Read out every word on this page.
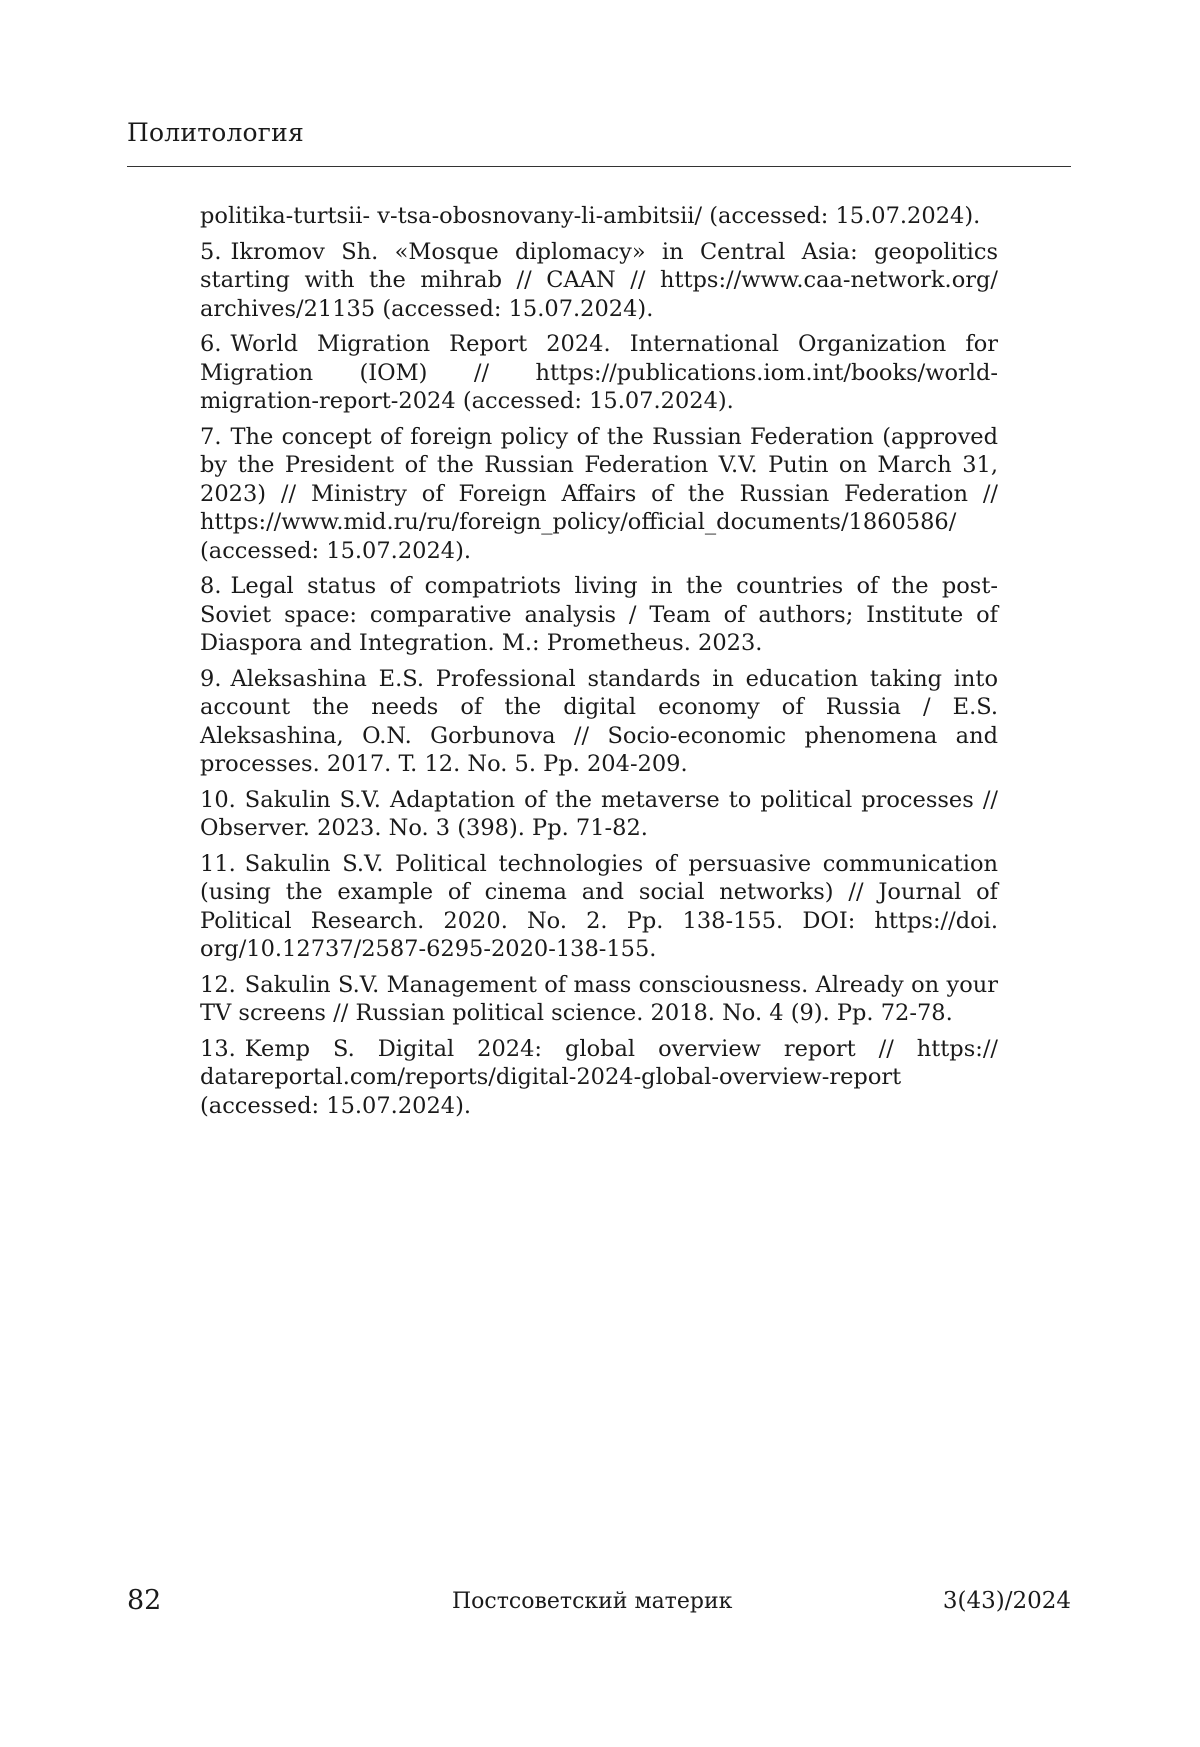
Политология
politika-turtsii- v-tsa-obosnovany-li-ambitsii/ (accessed: 15.07.2024).
5. Ikromov Sh. «Mosque diplomacy» in Central Asia: geopolitics starting with the mihrab // CAAN // https://www.caa-network.org/ archives/21135 (accessed: 15.07.2024).
6. World Migration Report 2024. International Organization for Migration (IOM) // https://publications.iom.int/books/world-migration-report-2024 (accessed: 15.07.2024).
7. The concept of foreign policy of the Russian Federation (approved by the President of the Russian Federation V.V. Putin on March 31, 2023) // Ministry of Foreign Affairs of the Russian Federation // https://www.mid.ru/ru/foreign_policy/official_documents/1860586/ (accessed: 15.07.2024).
8. Legal status of compatriots living in the countries of the post-Soviet space: comparative analysis / Team of authors; Institute of Diaspora and Integration. M.: Prometheus. 2023.
9. Aleksashina E.S. Professional standards in education taking into account the needs of the digital economy of Russia / E.S. Aleksashina, O.N. Gorbunova // Socio-economic phenomena and processes. 2017. T. 12. No. 5. Pp. 204-209.
10. Sakulin S.V. Adaptation of the metaverse to political processes // Observer. 2023. No. 3 (398). Pp. 71-82.
11. Sakulin S.V. Political technologies of persuasive communication (using the example of cinema and social networks) // Journal of Political Research. 2020. No. 2. Pp. 138-155. DOI: https://doi. org/10.12737/2587-6295-2020-138-155.
12. Sakulin S.V. Management of mass consciousness. Already on your TV screens // Russian political science. 2018. No. 4 (9). Pp. 72-78.
13. Kemp S. Digital 2024: global overview report // https:// datareportal.com/reports/digital-2024-global-overview-report (accessed: 15.07.2024).
82	Постсоветский материк	3(43)/2024
